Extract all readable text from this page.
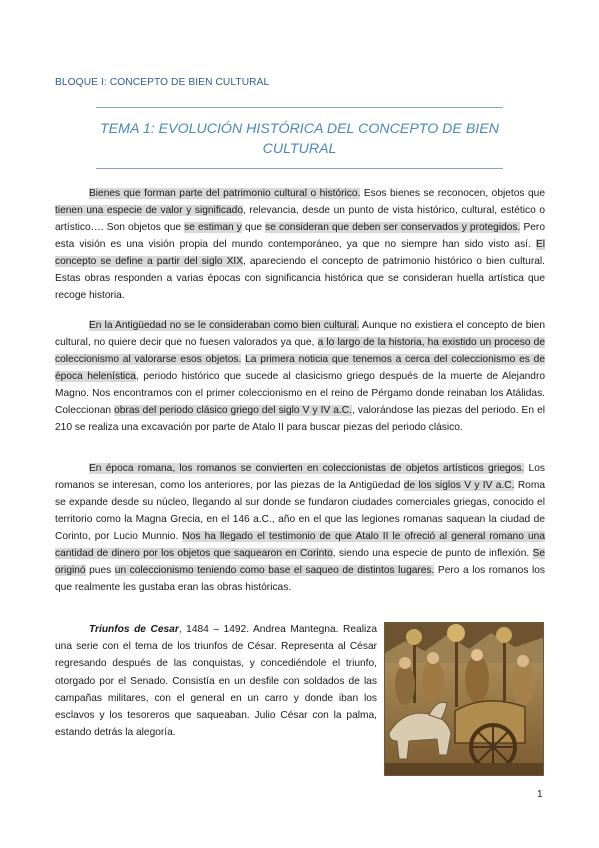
BLOQUE I: CONCEPTO DE BIEN CULTURAL
TEMA 1: EVOLUCIÓN HISTÓRICA DEL CONCEPTO DE BIEN CULTURAL
Bienes que forman parte del patrimonio cultural o histórico. Esos bienes se reconocen, objetos que tienen una especie de valor y significado, relevancia, desde un punto de vista histórico, cultural, estético o artístico…. Son objetos que se estiman y que se consideran que deben ser conservados y protegidos. Pero esta visión es una visión propia del mundo contemporáneo, ya que no siempre han sido visto así. El concepto se define a partir del siglo XIX, apareciendo el concepto de patrimonio histórico o bien cultural. Estas obras responden a varias épocas con significancia histórica que se consideran huella artística que recoge historia.
En la Antigüedad no se le consideraban como bien cultural. Aunque no existiera el concepto de bien cultural, no quiere decir que no fuesen valorados ya que, a lo largo de la historia, ha existido un proceso de coleccionismo al valorarse esos objetos. La primera noticia que tenemos a cerca del coleccionismo es de época helenística, periodo histórico que sucede al clasicismo griego después de la muerte de Alejandro Magno. Nos encontramos con el primer coleccionismo en el reino de Pérgamo donde reinaban los Atálidas. Coleccionan obras del periodo clásico griego del siglo V y IV a.C., valorándose las piezas del periodo. En el 210 se realiza una excavación por parte de Atalo II para buscar piezas del periodo clásico.
En época romana, los romanos se convierten en coleccionistas de objetos artísticos griegos. Los romanos se interesan, como los anteriores, por las piezas de la Antigüedad de los siglos V y IV a.C. Roma se expande desde su núcleo, llegando al sur donde se fundaron ciudades comerciales griegas, conocido el territorio como la Magna Grecia, en el 146 a.C., año en el que las legiones romanas saquean la ciudad de Corinto, por Lucio Munnio. Nos ha llegado el testimonio de que Atalo II le ofreció al general romano una cantidad de dinero por los objetos que saquearon en Corinto, siendo una especie de punto de inflexión. Se originó pues un coleccionismo teniendo como base el saqueo de distintos lugares. Pero a los romanos los que realmente les gustaba eran las obras históricas.
Triunfos de Cesar, 1484 – 1492. Andrea Mantegna. Realiza una serie con el tema de los triunfos de César. Representa al César regresando después de las conquistas, y concediéndole el triunfo, otorgado por el Senado. Consistía en un desfile con soldados de las campañas militares, con el general en un carro y donde iban los esclavos y los tesoreros que saqueaban. Julio César con la palma, estando detrás la alegoría.
1
